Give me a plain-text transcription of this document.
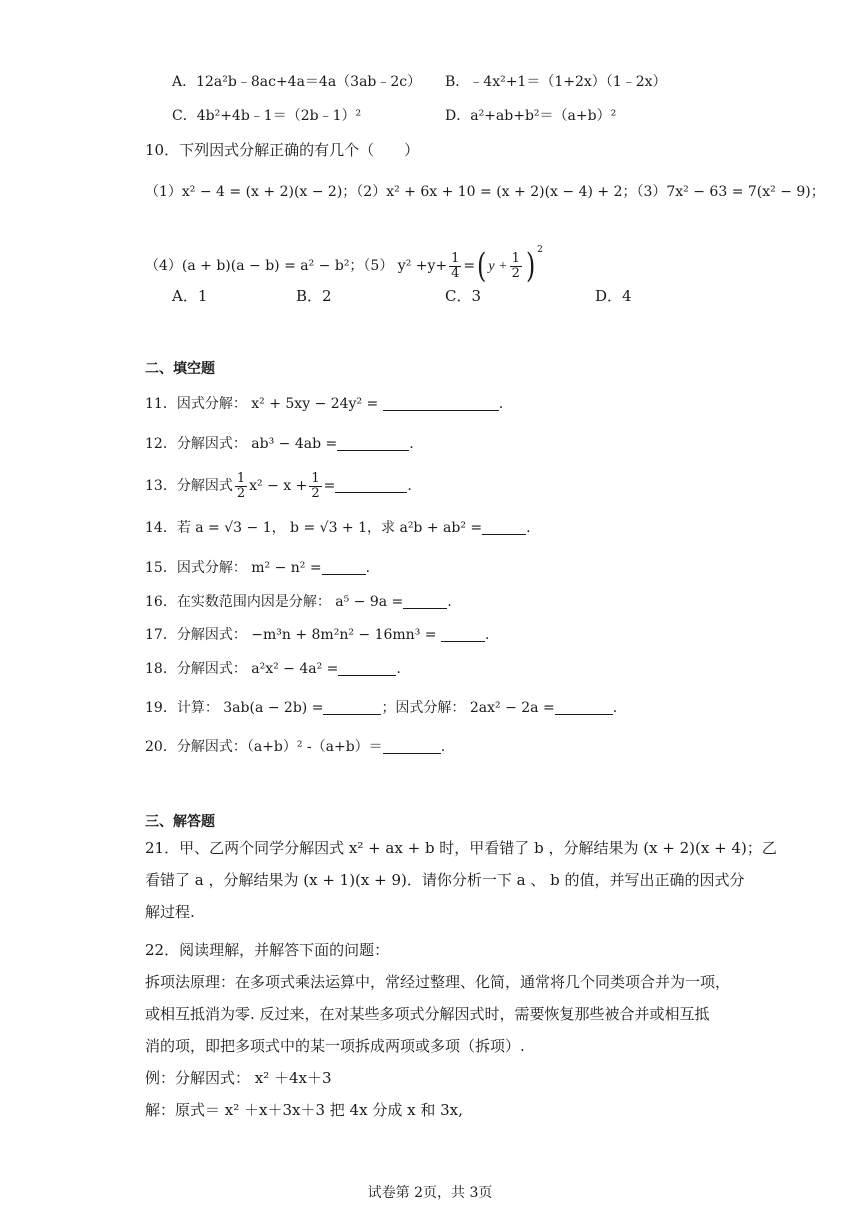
A．12a²b﹣8ac+4a＝4a（3ab﹣2c） B．﹣4x²+1＝（1+2x）（1﹣2x）
C．4b²+4b﹣1＝（2b﹣1）²	D．a²+ab+b²＝（a+b）²
10．下列因式分解正确的有几个（　　）
（1）x² − 4 = (x + 2)(x − 2)；（2）x² + 6x + 10 = (x + 2)(x − 4) + 2；（3）7x² − 63 = 7(x² − 9)；
（4）(a + b)(a − b) = a² − b²；（5） $y^2 +y+ \frac{1}{4}$ =( $y + \frac{1}{2}$ ) $^2$
A．1	B．2	C．3	D．4
二、填空题
11．因式分解： x² + 5xy − 24y² =	.
12．分解因式： ab³ − 4ab =	.
13．分解因式 $\frac{1}{2} x^2 - x + \frac{1}{2}$ =	.
14．若 a = √3 − 1， b = √3 + 1，求 a²b + ab² =	.
15．因式分解： m² − n² =	.
16．在实数范围内因是分解： a⁵ − 9a =	.
17．分解因式： −m³n + 8m²n² − 16mn³ =	.
18．分解因式： a²x² − 4a² =	.
19．计算： 3ab(a − 2b) =	；因式分解： 2ax² − 2a =	.
20．分解因式：（a+b）² -（a+b）＝	.
三、解答题
21．甲、乙两个同学分解因式 x² + ax + b 时，甲看错了 b ，分解结果为 (x + 2)(x + 4)；乙
看错了 a ，分解结果为 (x + 1)(x + 9)．请你分析一下 a 、 b 的值，并写出正确的因式分
解过程.
22．阅读理解，并解答下面的问题：
拆项法原理：在多项式乘法运算中，常经过整理、化简，通常将几个同类项合并为一项，
或相互抵消为零. 反过来，在对某些多项式分解因式时，需要恢复那些被合并或相互抵
消的项，即把多项式中的某一项拆成两项或多项（拆项）.
例：分解因式： x² ＋4x＋3
解：原式＝ x² ＋x＋3x＋3 把 4x 分成 x 和 3x,
试卷第 2页，共 3页
